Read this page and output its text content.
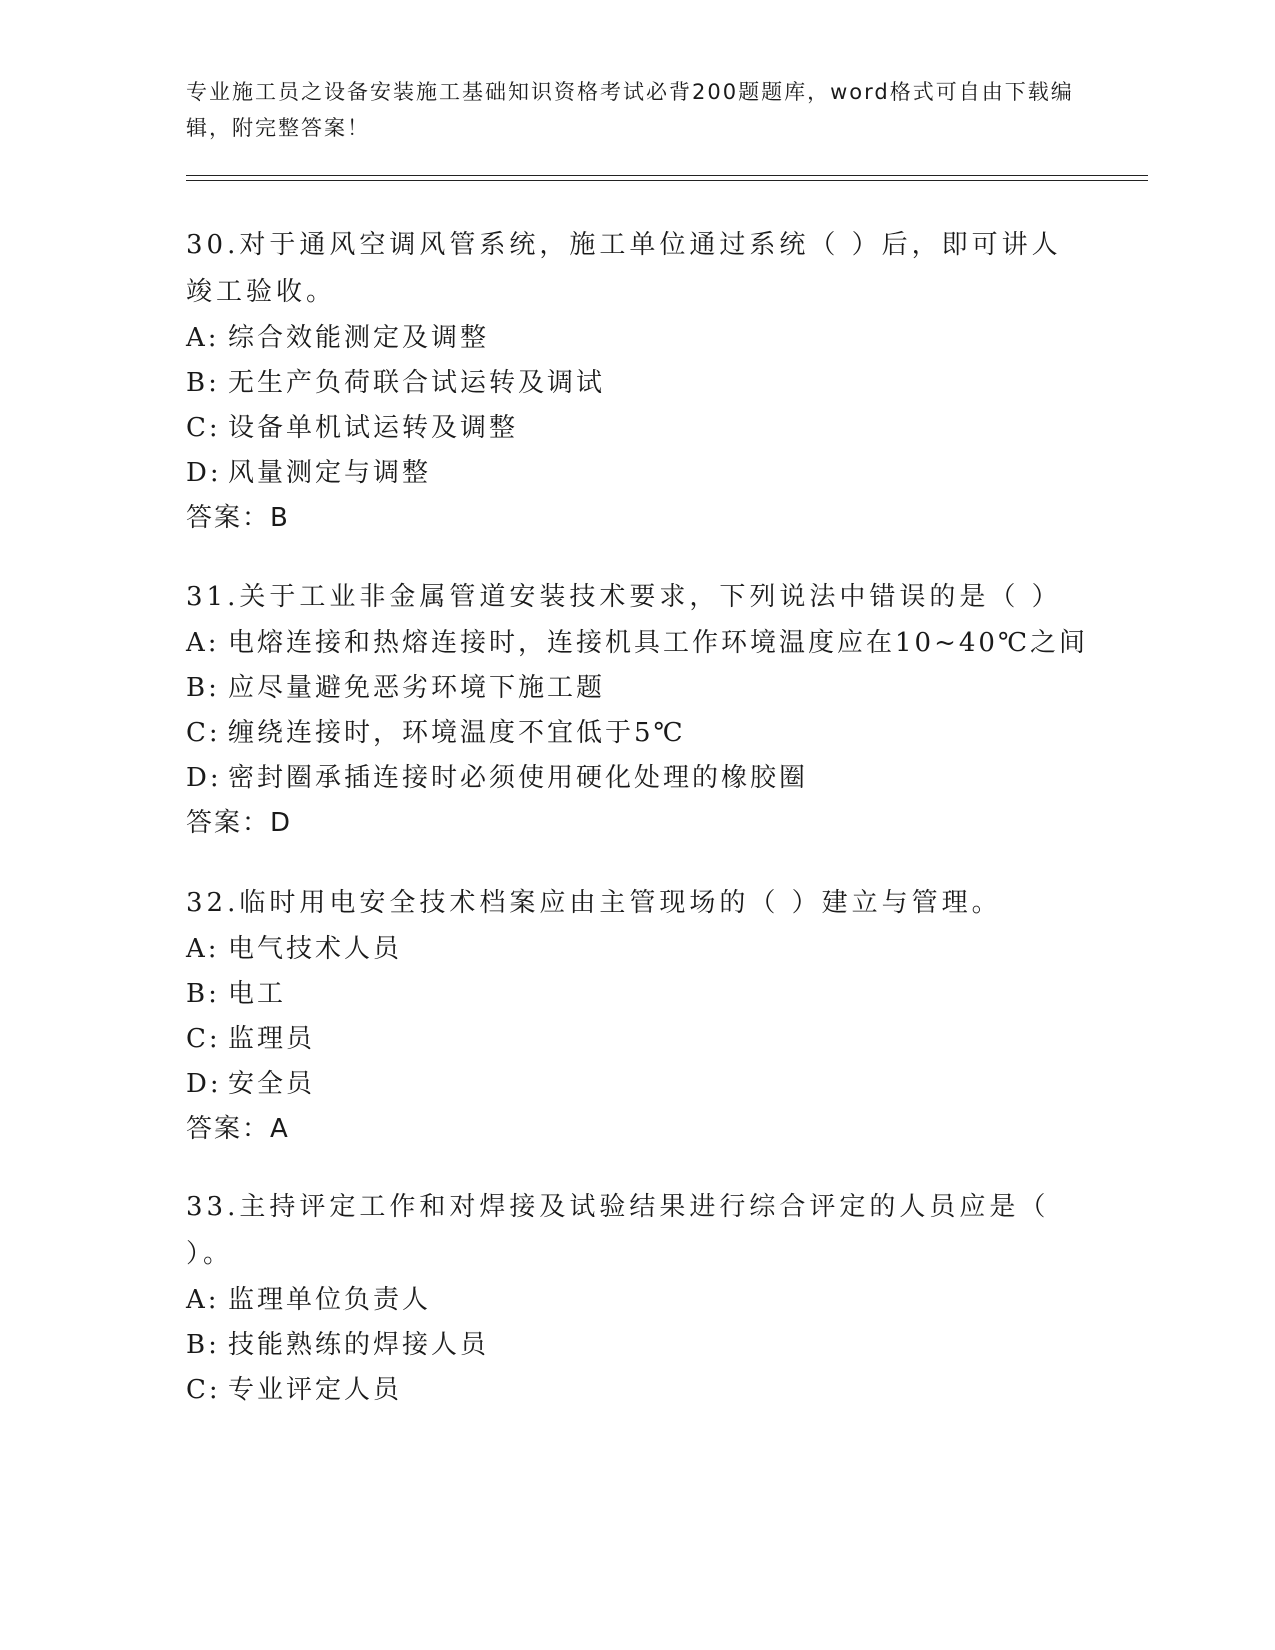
专业施工员之设备安装施工基础知识资格考试必背200题题库，word格式可自由下载编辑，附完整答案！

30.对于通风空调风管系统，施工单位通过系统（ ）后，即可讲人竣工验收。

A: 综合效能测定及调整

B: 无生产负荷联合试运转及调试

C: 设备单机试运转及调整

D: 风量测定与调整

答案：B

31.关于工业非金属管道安装技术要求，下列说法中错误的是（ ）

A: 电熔连接和热熔连接时，连接机具工作环境温度应在10~40℃之间

B: 应尽量避免恶劣环境下施工题

C: 缠绕连接时，环境温度不宜低于5℃

D: 密封圈承插连接时必须使用硬化处理的橡胶圈

答案：D

32.临时用电安全技术档案应由主管现场的（ ）建立与管理。

A: 电气技术人员

B: 电工

C: 监理员

D: 安全员

答案：A

33.主持评定工作和对焊接及试验结果进行综合评定的人员应是（ ）。

A: 监理单位负责人

B: 技能熟练的焊接人员

C: 专业评定人员
